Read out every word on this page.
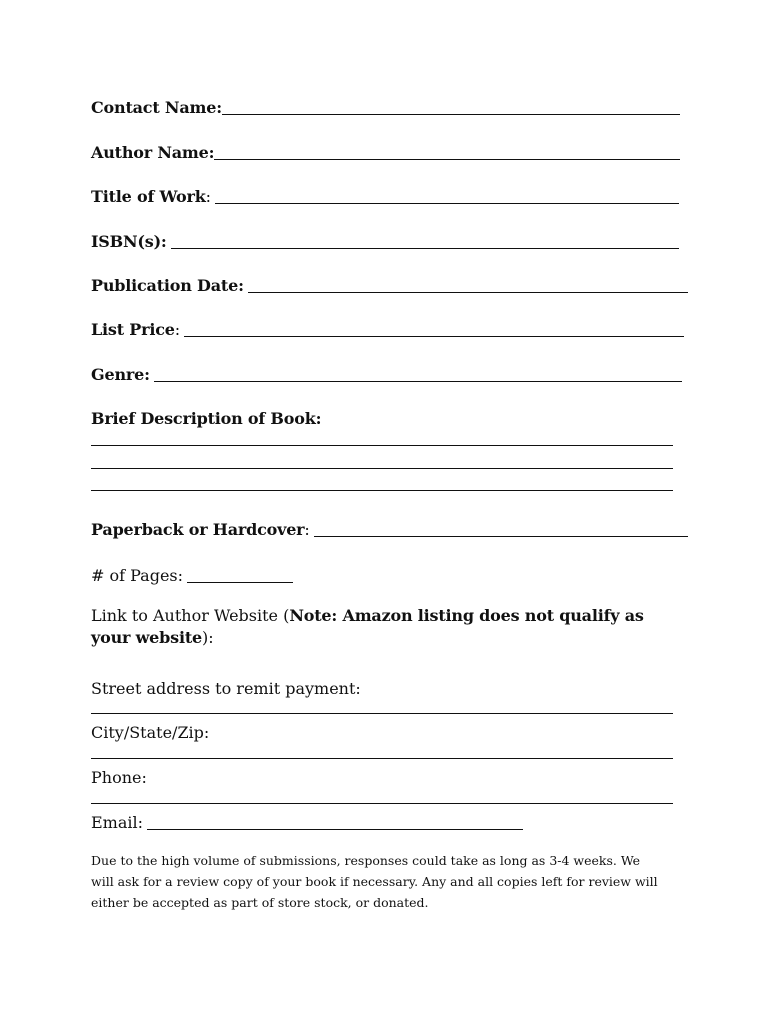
Contact Name:
Author Name:
Title of Work :
ISBN(s):
Publication Date:
List Price :
Genre:
Brief Description of Book:
Paperback or Hardcover :
# of Pages:
Link to Author Website (Note: Amazon listing does not qualify as your website):
Street address to remit payment:
City/State/Zip:
Phone:
Email:
Due to the high volume of submissions, responses could take as long as 3-4 weeks. We will ask for a review copy of your book if necessary. Any and all copies left for review will either be accepted as part of store stock, or donated.
